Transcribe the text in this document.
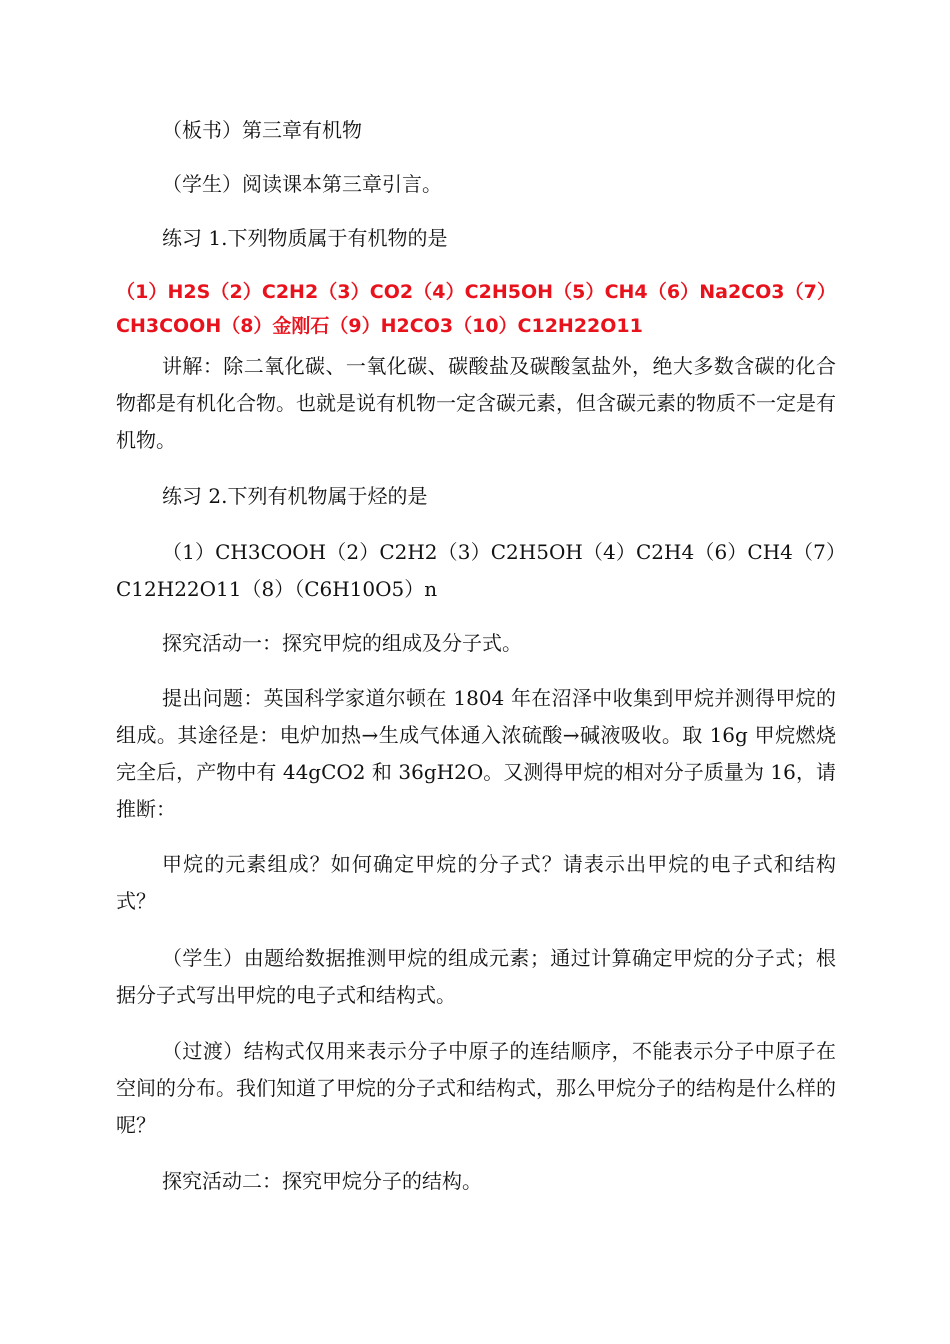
（板书）第三章有机物

（学生）阅读课本第三章引言。

练习 1.下列物质属于有机物的是

（1）H2S（2）C2H2（3）CO2（4）C2H5OH（5）CH4（6）Na2CO3（7）CH3COOH（8）金刚石（9）H2CO3（10）C12H22O11

讲解：除二氧化碳、一氧化碳、碳酸盐及碳酸氢盐外，绝大多数含碳的化合物都是有机化合物。也就是说有机物一定含碳元素，但含碳元素的物质不一定是有机物。

练习 2.下列有机物属于烃的是

（1）CH3COOH（2）C2H2（3）C2H5OH（4）C2H4（6）CH4（7）C12H22O11（8）（C6H10O5）n

探究活动一：探究甲烷的组成及分子式。

提出问题：英国科学家道尔顿在 1804 年在沼泽中收集到甲烷并测得甲烷的组成。其途径是：电炉加热→生成气体通入浓硫酸→碱液吸收。取 16g 甲烷燃烧完全后，产物中有 44gCO2 和 36gH2O。又测得甲烷的相对分子质量为 16，请推断：

甲烷的元素组成？如何确定甲烷的分子式？请表示出甲烷的电子式和结构式？

（学生）由题给数据推测甲烷的组成元素；通过计算确定甲烷的分子式；根据分子式写出甲烷的电子式和结构式。

（过渡）结构式仅用来表示分子中原子的连结顺序，不能表示分子中原子在空间的分布。我们知道了甲烷的分子式和结构式，那么甲烷分子的结构是什么样的呢？

探究活动二：探究甲烷分子的结构。
